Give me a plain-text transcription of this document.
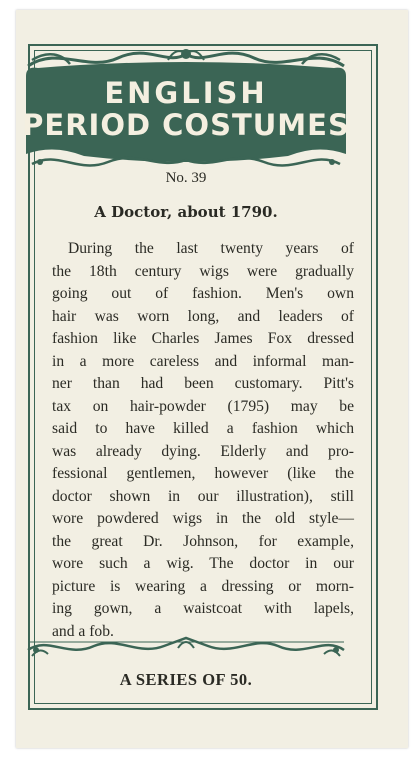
ENGLISH
PERIOD COSTUMES
No. 39
A Doctor, about 1790.
During the last twenty years of
the 18th century wigs were gradually
going out of fashion. Men's own
hair was worn long, and leaders of
fashion like Charles James Fox dressed
in a more careless and informal man-
ner than had been customary. Pitt's
tax on hair-powder (1795) may be
said to have killed a fashion which
was already dying. Elderly and pro-
fessional gentlemen, however (like the
doctor shown in our illustration), still
wore powdered wigs in the old style—
the great Dr. Johnson, for example,
wore such a wig. The doctor in our
picture is wearing a dressing or morn-
ing gown, a waistcoat with lapels,
and a fob.
A SERIES OF 50.
